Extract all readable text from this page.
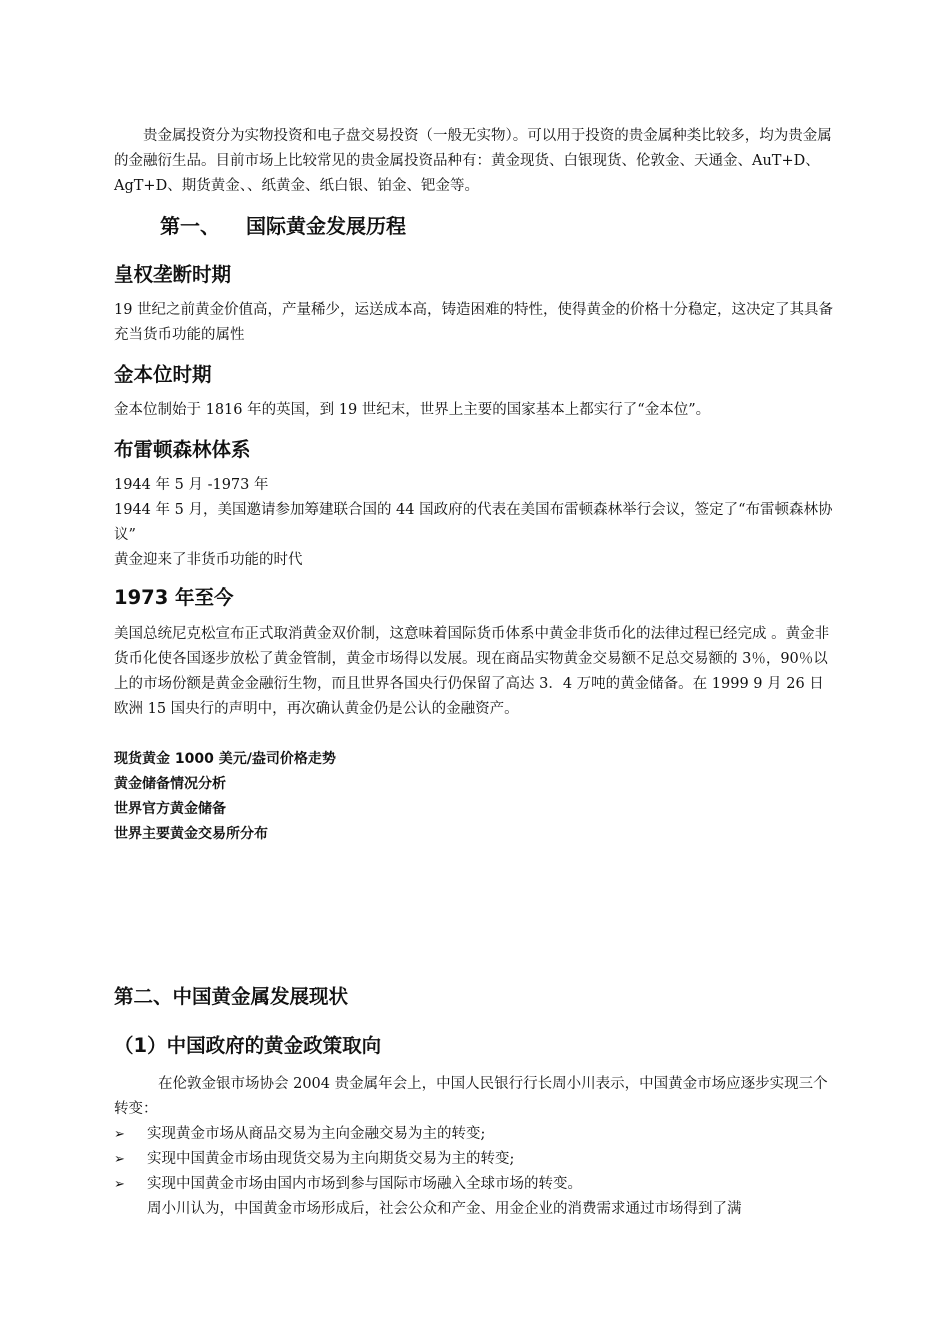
贵金属投资分为实物投资和电子盘交易投资（一般无实物）。可以用于投资的贵金属种类比较多，均为贵金属的金融衍生品。目前市场上比较常见的贵金属投资品种有：黄金现货、白银现货、伦敦金、天通金、AuT+D、AgT+D、期货黄金、、纸黄金、纸白银、铂金、钯金等。

第一、 国际黄金发展历程
皇权垄断时期

19 世纪之前黄金价值高，产量稀少，运送成本高，铸造困难的特性，使得黄金的价格十分稳定，这决定了其具备充当货币功能的属性

金本位时期

金本位制始于 1816 年的英国，到 19 世纪末，世界上主要的国家基本上都实行了“金本位”。

布雷顿森林体系

1944 年 5 月 -1973 年

1944 年 5 月，美国邀请参加筹建联合国的 44 国政府的代表在美国布雷顿森林举行会议，签定了“布雷顿森林协议”

黄金迎来了非货币功能的时代

1973 年至今

美国总统尼克松宣布正式取消黄金双价制，这意味着国际货币体系中黄金非货币化的法律过程已经完成 。黄金非货币化使各国逐步放松了黄金管制，黄金市场得以发展。现在商品实物黄金交易额不足总交易额的 3％，90％以上的市场份额是黄金金融衍生物，而且世界各国央行仍保留了高达 3．4 万吨的黄金储备。在 1999 9 月 26 日欧洲 15 国央行的声明中，再次确认黄金仍是公认的金融资产。

现货黄金 1000 美元/盎司价格走势
黄金储备情况分析
世界官方黄金储备
世界主要黄金交易所分布
第二、中国黄金属发展现状
（1）中国政府的黄金政策取向

在伦敦金银市场协会 2004 贵金属年会上，中国人民银行行长周小川表示，中国黄金市场应逐步实现三个转变：

➢	实现黄金市场从商品交易为主向金融交易为主的转变;
➢	实现中国黄金市场由现货交易为主向期货交易为主的转变;
➢	实现中国黄金市场由国内市场到参与国际市场融入全球市场的转变。

周小川认为，中国黄金市场形成后，社会公众和产金、用金企业的消费需求通过市场得到了满
